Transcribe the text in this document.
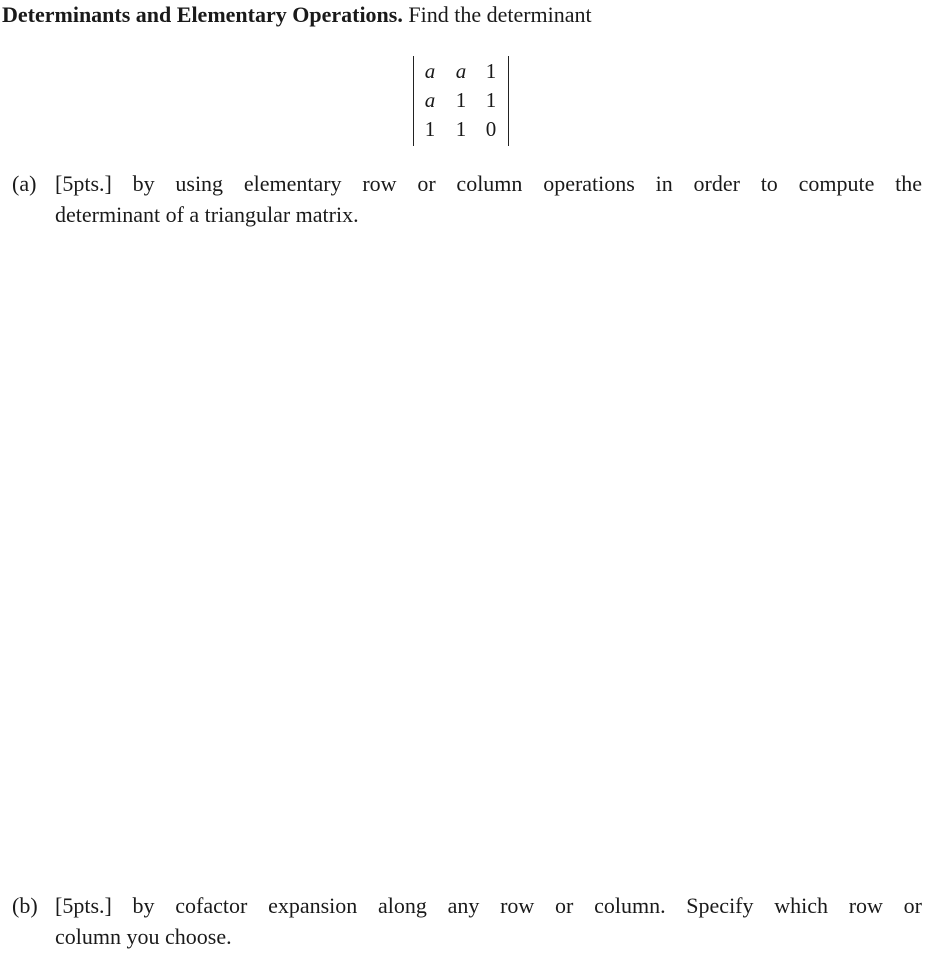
Determinants and Elementary Operations. Find the determinant
a a 1
a 1 1
1 1 0
(a) [5pts.] by using elementary row or column operations in order to compute the
determinant of a triangular matrix.
(b) [5pts.] by cofactor expansion along any row or column. Specify which row or
column you choose.
